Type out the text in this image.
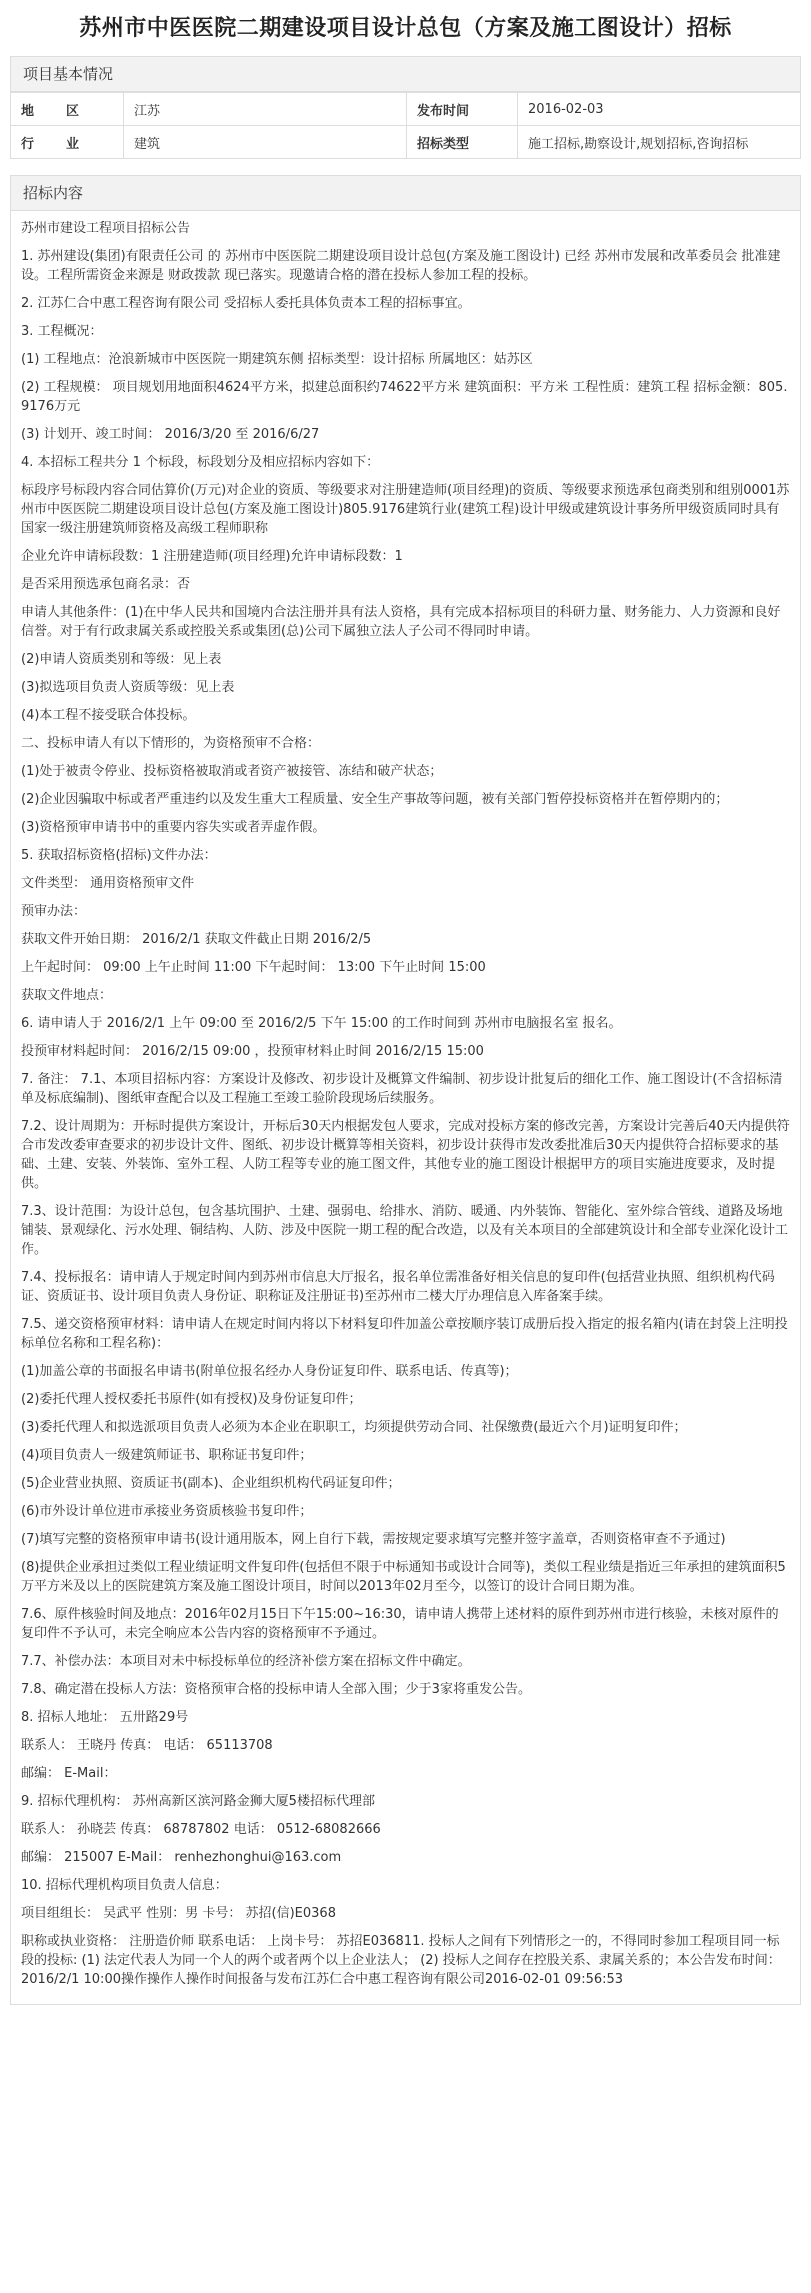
苏州市中医医院二期建设项目设计总包（方案及施工图设计）招标
项目基本情况
地　　区	江苏	发布时间	2016-02-03
行　　业	建筑	招标类型	施工招标,勘察设计,规划招标,咨询招标
招标内容

苏州市建设工程项目招标公告

1. 苏州建设(集团)有限责任公司 的 苏州市中医医院二期建设项目设计总包(方案及施工图设计) 已经 苏州市发展和改革委员会 批准建设。工程所需资金来源是 财政拨款 现已落实。现邀请合格的潜在投标人参加工程的投标。

2. 江苏仁合中惠工程咨询有限公司 受招标人委托具体负责本工程的招标事宜。

3. 工程概况：

(1) 工程地点：沧浪新城市中医医院一期建筑东侧 招标类型：设计招标 所属地区：姑苏区

(2) 工程规模： 项目规划用地面积4624平方米，拟建总面积约74622平方米 建筑面积：平方米 工程性质：建筑工程 招标金额：805.9176万元

(3) 计划开、竣工时间： 2016/3/20 至 2016/6/27

4. 本招标工程共分 1 个标段，标段划分及相应招标内容如下：

标段序号标段内容合同估算价(万元)对企业的资质、等级要求对注册建造师(项目经理)的资质、等级要求预选承包商类别和组别0001苏州市中医医院二期建设项目设计总包(方案及施工图设计)805.9176建筑行业(建筑工程)设计甲级或建筑设计事务所甲级资质同时具有国家一级注册建筑师资格及高级工程师职称

企业允许申请标段数：1 注册建造师(项目经理)允许申请标段数：1

是否采用预选承包商名录：否

申请人其他条件：(1)在中华人民共和国境内合法注册并具有法人资格，具有完成本招标项目的科研力量、财务能力、人力资源和良好信誉。对于有行政隶属关系或控股关系或集团(总)公司下属独立法人子公司不得同时申请。

(2)申请人资质类别和等级：见上表

(3)拟选项目负责人资质等级：见上表

(4)本工程不接受联合体投标。

二、投标申请人有以下情形的，为资格预审不合格：

(1)处于被责令停业、投标资格被取消或者资产被接管、冻结和破产状态；

(2)企业因骗取中标或者严重违约以及发生重大工程质量、安全生产事故等问题，被有关部门暂停投标资格并在暂停期内的；

(3)资格预审申请书中的重要内容失实或者弄虚作假。

5. 获取招标资格(招标)文件办法：

文件类型： 通用资格预审文件

预审办法：

获取文件开始日期： 2016/2/1 获取文件截止日期 2016/2/5

上午起时间： 09:00 上午止时间 11:00 下午起时间： 13:00 下午止时间 15:00

获取文件地点：

6. 请申请人于 2016/2/1 上午 09:00 至 2016/2/5 下午 15:00 的工作时间到 苏州市电脑报名室 报名。

投预审材料起时间： 2016/2/15 09:00 ，投预审材料止时间 2016/2/15 15:00

7. 备注： 7.1、本项目招标内容：方案设计及修改、初步设计及概算文件编制、初步设计批复后的细化工作、施工图设计(不含招标清单及标底编制)、图纸审查配合以及工程施工至竣工验阶段现场后续服务。

7.2、设计周期为：开标时提供方案设计，开标后30天内根据发包人要求，完成对投标方案的修改完善，方案设计完善后40天内提供符合市发改委审查要求的初步设计文件、图纸、初步设计概算等相关资料，初步设计获得市发改委批准后30天内提供符合招标要求的基础、土建、安装、外装饰、室外工程、人防工程等专业的施工图文件，其他专业的施工图设计根据甲方的项目实施进度要求，及时提供。

7.3、设计范围：为设计总包，包含基坑围护、土建、强弱电、给排水、消防、暖通、内外装饰、智能化、室外综合管线、道路及场地铺装、景观绿化、污水处理、铜结构、人防、涉及中医院一期工程的配合改造，以及有关本项目的全部建筑设计和全部专业深化设计工作。

7.4、投标报名：请申请人于规定时间内到苏州市信息大厅报名，报名单位需准备好相关信息的复印件(包括营业执照、组织机构代码证、资质证书、设计项目负责人身份证、职称证及注册证书)至苏州市二楼大厅办理信息入库备案手续。

7.5、递交资格预审材料：请申请人在规定时间内将以下材料复印件加盖公章按顺序装订成册后投入指定的报名箱内(请在封袋上注明投标单位名称和工程名称)：

(1)加盖公章的书面报名申请书(附单位报名经办人身份证复印件、联系电话、传真等)；

(2)委托代理人授权委托书原件(如有授权)及身份证复印件；

(3)委托代理人和拟选派项目负责人必须为本企业在职职工，均须提供劳动合同、社保缴费(最近六个月)证明复印件；

(4)项目负责人一级建筑师证书、职称证书复印件；

(5)企业营业执照、资质证书(副本)、企业组织机构代码证复印件；

(6)市外设计单位进市承接业务资质核验书复印件；

(7)填写完整的资格预审申请书(设计通用版本，网上自行下载，需按规定要求填写完整并签字盖章，否则资格审查不予通过)

(8)提供企业承担过类似工程业绩证明文件复印件(包括但不限于中标通知书或设计合同等)，类似工程业绩是指近三年承担的建筑面积5万平方米及以上的医院建筑方案及施工图设计项目，时间以2013年02月至今，以签订的设计合同日期为准。

7.6、原件核验时间及地点：2016年02月15日下午15:00~16:30，请申请人携带上述材料的原件到苏州市进行核验，未核对原件的复印件不予认可，未完全响应本公告内容的资格预审不予通过。

7.7、补偿办法：本项目对未中标投标单位的经济补偿方案在招标文件中确定。

7.8、确定潜在投标人方法：资格预审合格的投标申请人全部入围；少于3家将重发公告。

8. 招标人地址： 五卅路29号

联系人： 王晓丹 传真： 电话： 65113708

邮编： E-Mail：

9. 招标代理机构： 苏州高新区滨河路金狮大厦5楼招标代理部

联系人： 孙晓芸 传真： 68787802 电话： 0512-68082666

邮编： 215007 E-Mail： renhezhonghui@163.com

10. 招标代理机构项目负责人信息：

项目组组长： 吴武平 性别：男 卡号： 苏招(信)E0368

职称或执业资格： 注册造价师 联系电话： 上岗卡号： 苏招E036811. 投标人之间有下列情形之一的，不得同时参加工程项目同一标段的投标: (1) 法定代表人为同一个人的两个或者两个以上企业法人； (2) 投标人之间存在控股关系、隶属关系的；本公告发布时间： 2016/2/1 10:00操作操作人操作时间报备与发布江苏仁合中惠工程咨询有限公司2016-02-01 09:56:53
